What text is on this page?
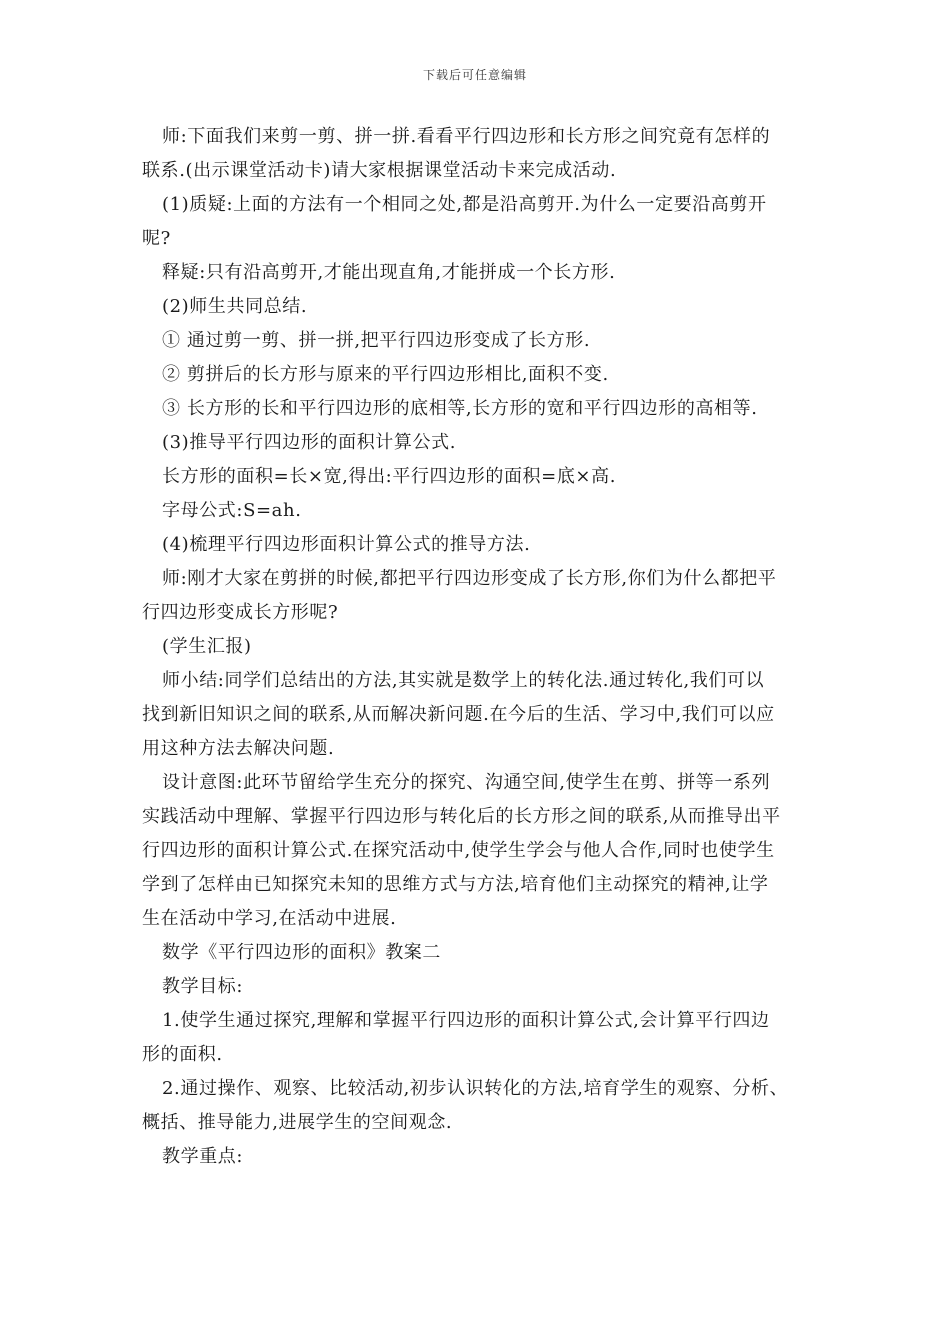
下载后可任意编辑
师:下面我们来剪一剪、拼一拼.看看平行四边形和长方形之间究竟有怎样的
联系.(出示课堂活动卡)请大家根据课堂活动卡来完成活动.
(1)质疑:上面的方法有一个相同之处,都是沿高剪开.为什么一定要沿高剪开
呢?
释疑:只有沿高剪开,才能出现直角,才能拼成一个长方形.
(2)师生共同总结.
① 通过剪一剪、拼一拼,把平行四边形变成了长方形.
② 剪拼后的长方形与原来的平行四边形相比,面积不变.
③ 长方形的长和平行四边形的底相等,长方形的宽和平行四边形的高相等.
(3)推导平行四边形的面积计算公式.
长方形的面积=长×宽,得出:平行四边形的面积=底×高.
字母公式:S=ah.
(4)梳理平行四边形面积计算公式的推导方法.
师:刚才大家在剪拼的时候,都把平行四边形变成了长方形,你们为什么都把平
行四边形变成长方形呢?
(学生汇报)
师小结:同学们总结出的方法,其实就是数学上的转化法.通过转化,我们可以
找到新旧知识之间的联系,从而解决新问题.在今后的生活、学习中,我们可以应
用这种方法去解决问题.
设计意图:此环节留给学生充分的探究、沟通空间,使学生在剪、拼等一系列
实践活动中理解、掌握平行四边形与转化后的长方形之间的联系,从而推导出平
行四边形的面积计算公式.在探究活动中,使学生学会与他人合作,同时也使学生
学到了怎样由已知探究未知的思维方式与方法,培育他们主动探究的精神,让学
生在活动中学习,在活动中进展.
数学《平行四边形的面积》教案二
教学目标:
1.使学生通过探究,理解和掌握平行四边形的面积计算公式,会计算平行四边
形的面积.
2.通过操作、观察、比较活动,初步认识转化的方法,培育学生的观察、分析、
概括、推导能力,进展学生的空间观念.
教学重点:
